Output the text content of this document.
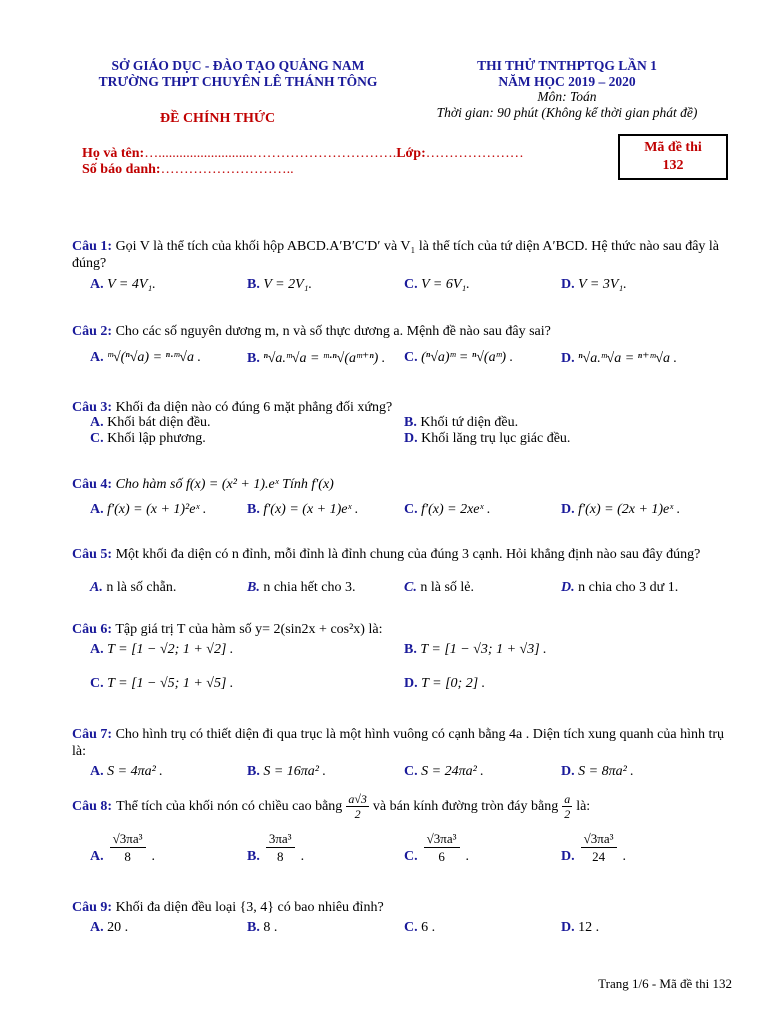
SỞ GIÁO DỤC - ĐÀO TẠO QUẢNG NAM
TRƯỜNG THPT CHUYÊN LÊ THÁNH TÔNG
THI THỬ TNTHPTQG LẦN 1
NĂM HỌC 2019 – 2020
Môn: Toán
Thời gian: 90 phút (Không kể thời gian phát đề)
ĐỀ CHÍNH THỨC
Mã đề thi
132
Họ và tên:…...........................………………………….Lớp:…………………
Số báo danh:………………………..
Câu 1: Gọi V là thể tích của khối hộp ABCD.A′B′C′D′ và V₁ là thể tích của tứ diện A′BCD. Hệ thức nào sau đây là đúng?
A. V = 4V₁.	B. V = 2V₁.	C. V = 6V₁.	D. V = 3V₁.
Câu 2: Cho các số nguyên dương m, n và số thực dương a. Mệnh đề nào sau đây sai?
A. ᵐ√(ⁿ√a) = ⁿ·ᵐ√a .	B. ⁿ√a.ᵐ√a = ᵐ·ⁿ√(aᵐ⁺ⁿ) . C. (ⁿ√a)ᵐ = ⁿ√(aᵐ) .	D. ⁿ√a.ᵐ√a = ⁿ⁺ᵐ√a .
Câu 3: Khối đa diện nào có đúng 6 mặt phẳng đối xứng?
A. Khối bát diện đều.	B. Khối tứ diện đều.
C. Khối lập phương.	D. Khối lăng trụ lục giác đều.
Câu 4: Cho hàm số f(x) = (x² + 1).eˣ Tính f′(x)
A. f′(x) = (x + 1)²eˣ .	B. f′(x) = (x + 1)eˣ .	C. f′(x) = 2xeˣ .	D. f′(x) = (2x + 1)eˣ .
Câu 5: Một khối đa diện có n đỉnh, mỗi đỉnh là đỉnh chung của đúng 3 cạnh. Hỏi khẳng định nào sau đây đúng?
A. n là số chẵn.	B. n chia hết cho 3.	C. n là số lẻ.	D. n chia cho 3 dư 1.
Câu 6: Tập giá trị T của hàm số y= 2(sin2x + cos²x) là:
A. T = [1 − √2; 1 + √2] .	B. T = [1 − √3; 1 + √3] .
C. T = [1 − √5; 1 + √5] .	D. T = [0; 2] .
Câu 7: Cho hình trụ có thiết diện đi qua trục là một hình vuông có cạnh bằng 4a . Diện tích xung quanh của hình trụ là:
A. S = 4πa² .	B. S = 16πa² .	C. S = 24πa² .	D. S = 8πa² .
Câu 8: Thể tích của khối nón có chiều cao bằng a√3
2
và bán kính đường tròn đáy bằng a
2
là:
A.
√3πa³
8 .	B.
3πa³
8 .	C.
√3πa³
6 .	D.
√3πa³
24 .
Câu 9: Khối đa diện đều loại {3, 4} có bao nhiêu đỉnh?
A. 20 .	B. 8 .	C. 6 .	D. 12 .
Trang 1/6 - Mã đề thi 132
